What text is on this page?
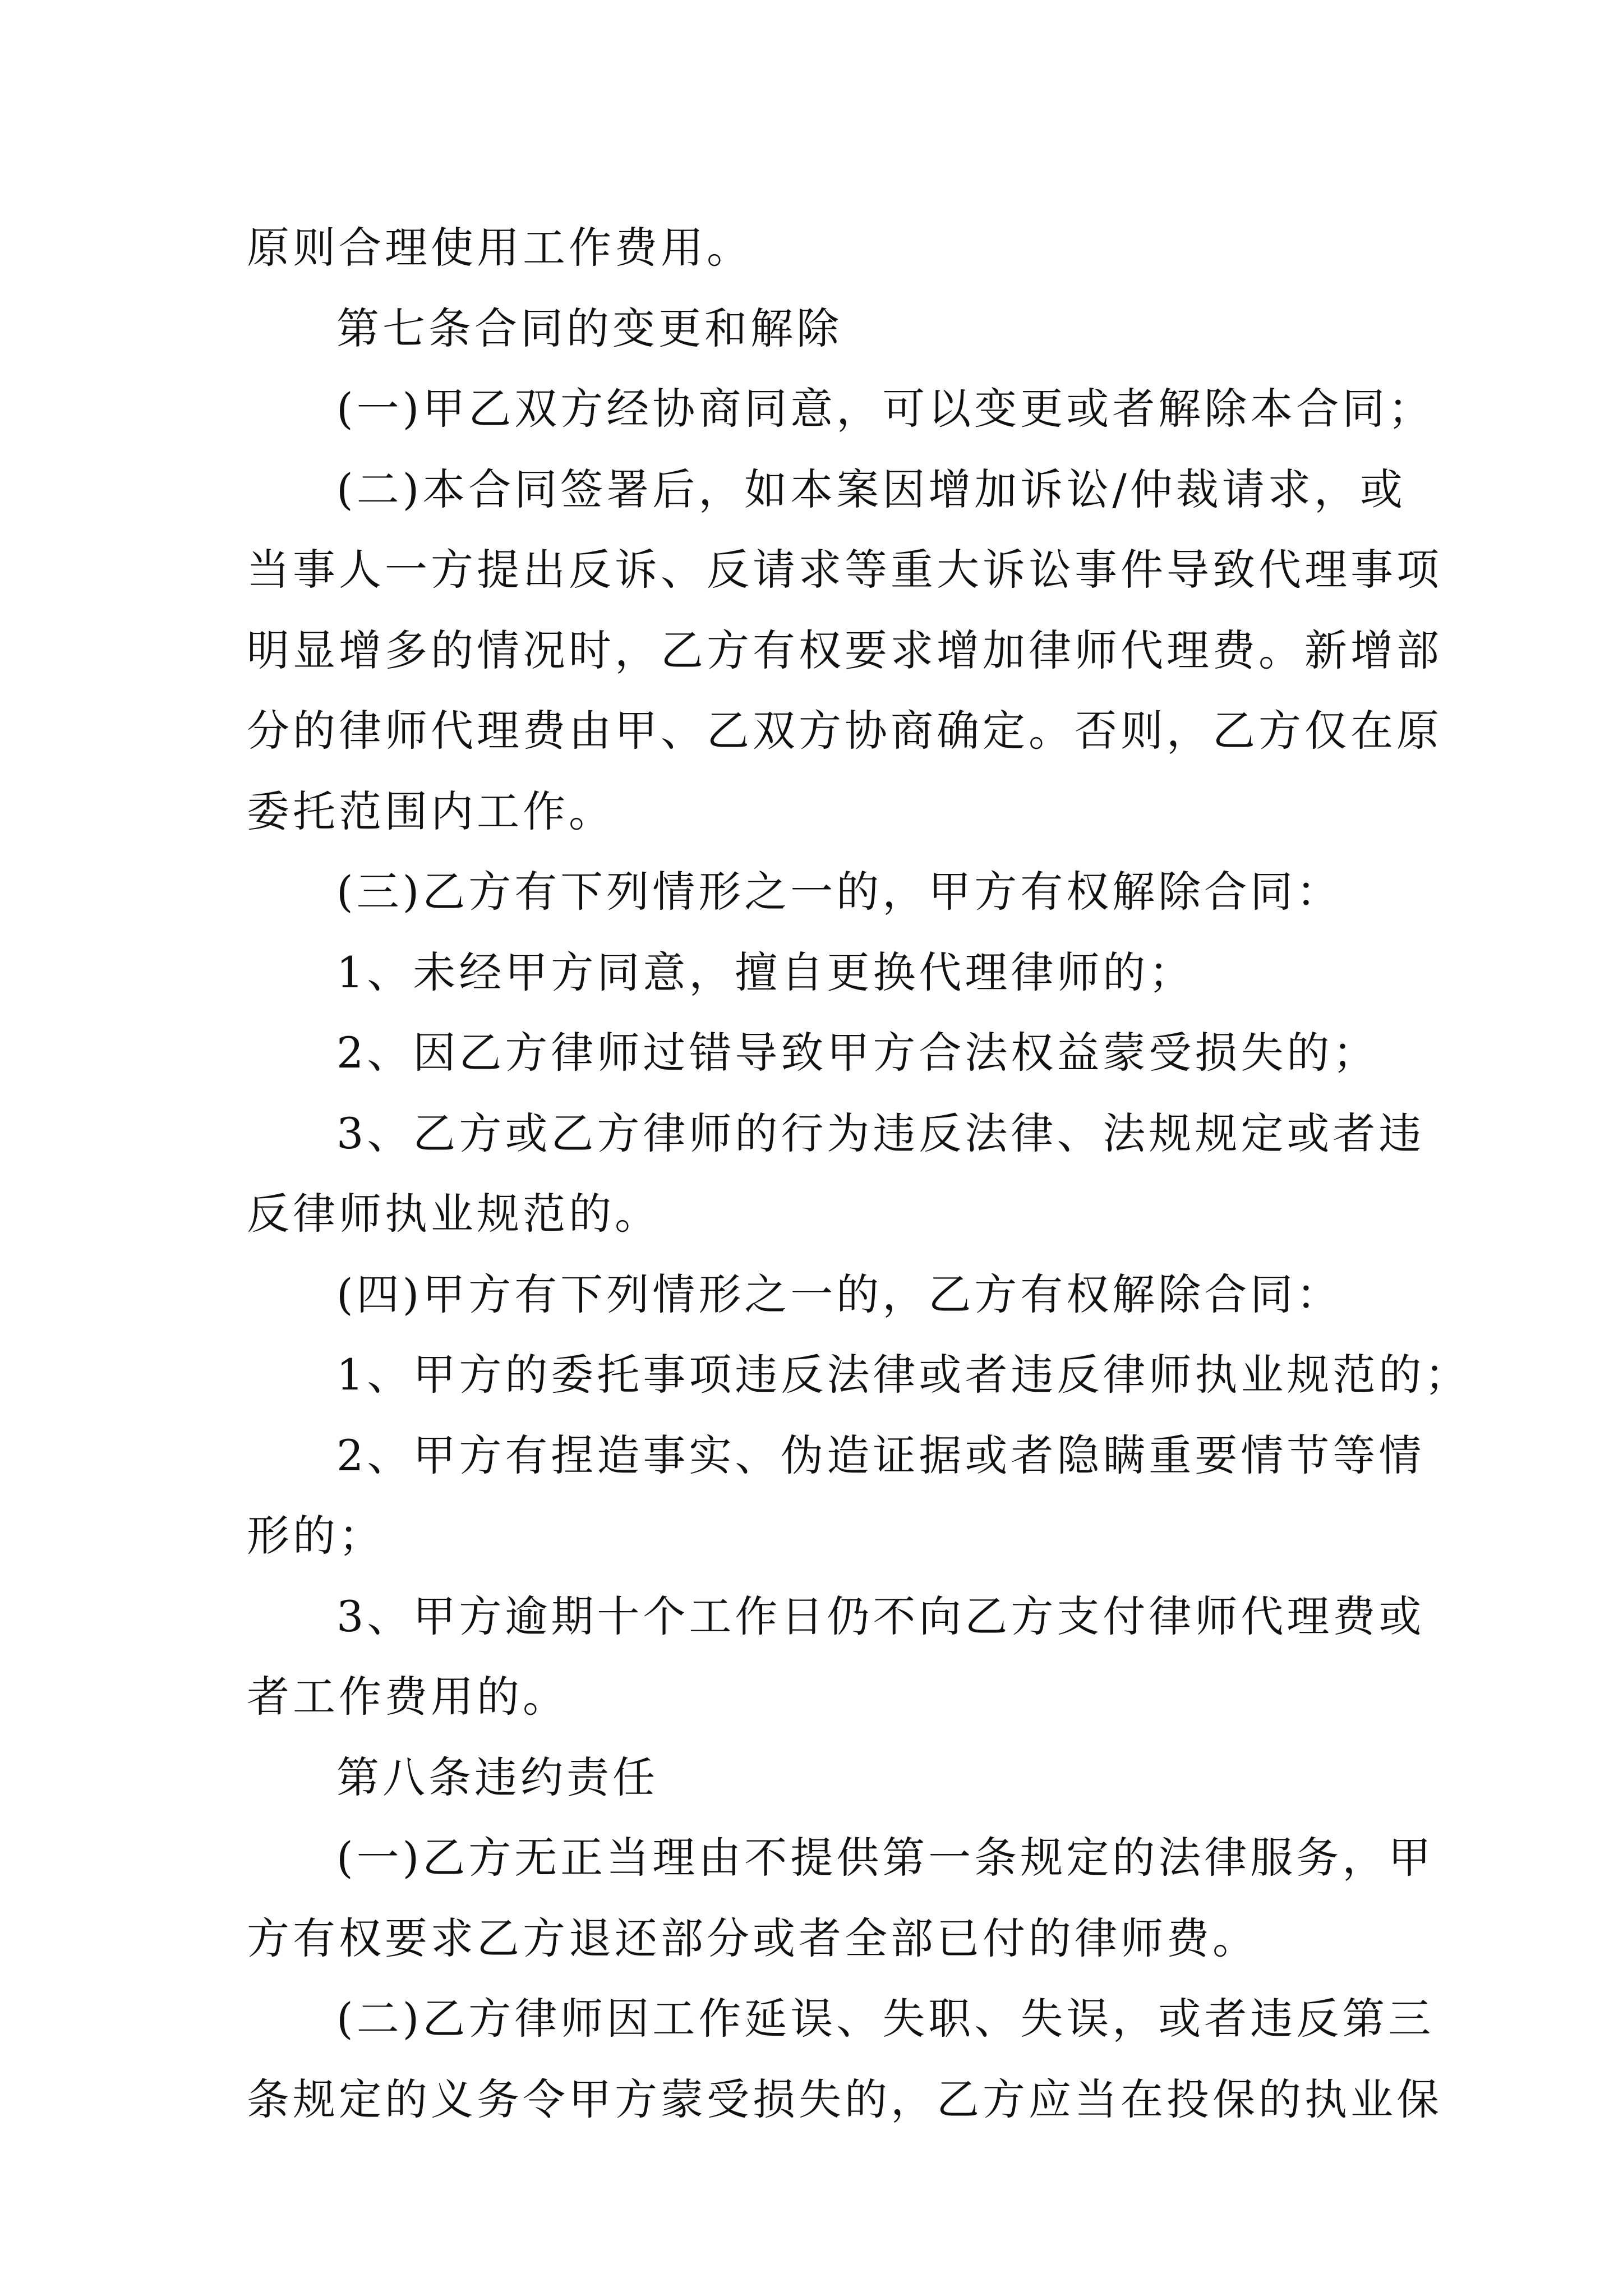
原则合理使用工作费用。
第七条合同的变更和解除
(一)甲乙双方经协商同意，可以变更或者解除本合同；
(二)本合同签署后，如本案因增加诉讼/仲裁请求，或
当事人一方提出反诉、反请求等重大诉讼事件导致代理事项
明显增多的情况时，乙方有权要求增加律师代理费。新增部
分的律师代理费由甲、乙双方协商确定。否则，乙方仅在原
委托范围内工作。
(三)乙方有下列情形之一的，甲方有权解除合同：
1、未经甲方同意，擅自更换代理律师的；
2、因乙方律师过错导致甲方合法权益蒙受损失的；
3、乙方或乙方律师的行为违反法律、法规规定或者违
反律师执业规范的。
(四)甲方有下列情形之一的，乙方有权解除合同：
1、甲方的委托事项违反法律或者违反律师执业规范的；
2、甲方有捏造事实、伪造证据或者隐瞒重要情节等情
形的；
3、甲方逾期十个工作日仍不向乙方支付律师代理费或
者工作费用的。
第八条违约责任
(一)乙方无正当理由不提供第一条规定的法律服务，甲
方有权要求乙方退还部分或者全部已付的律师费。
(二)乙方律师因工作延误、失职、失误，或者违反第三
条规定的义务令甲方蒙受损失的，乙方应当在投保的执业保
